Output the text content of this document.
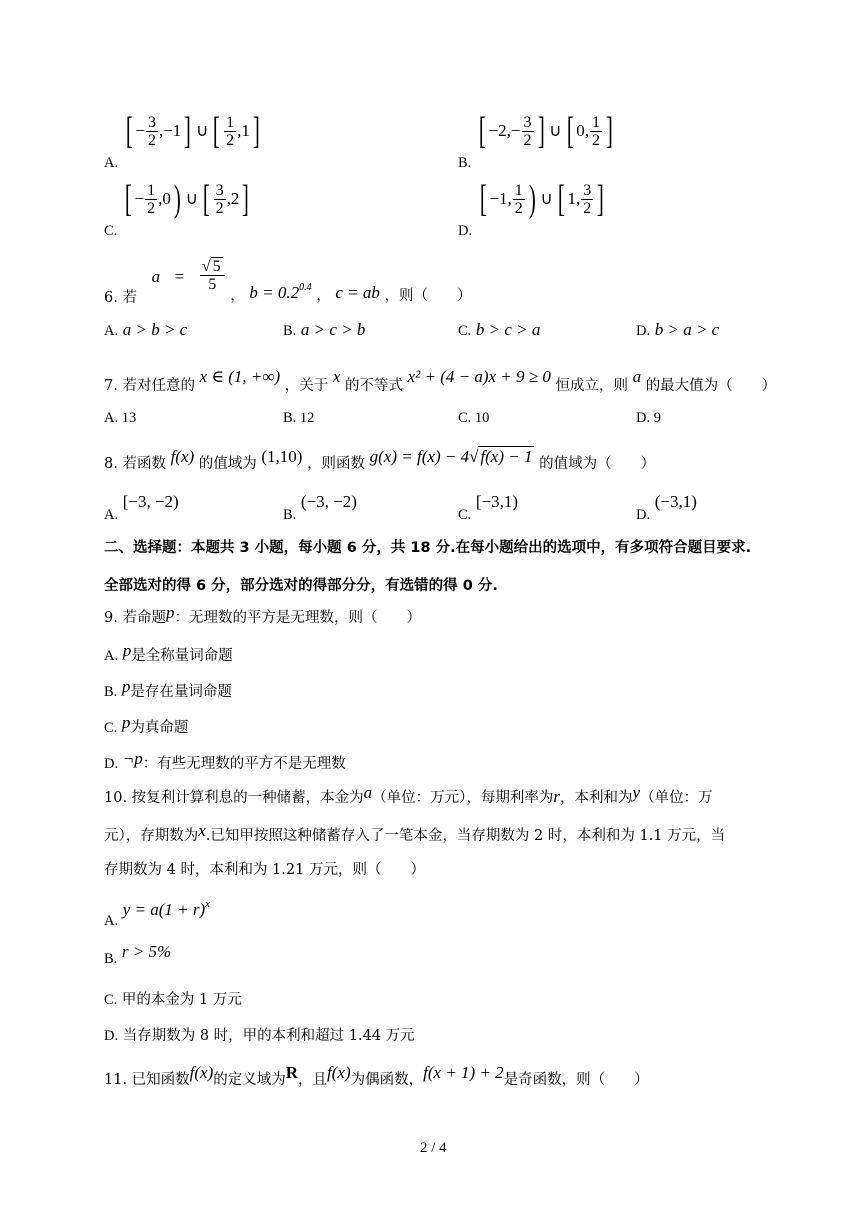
A.
[ − $\frac{3}{2} ,-1$ ] ∪ [ $\frac{1}{2} ,1$ ]
B.
[ $-2,- \frac{3}{2}$ ] ∪ [ 0, $\frac{1}{2}$ ]
C.
[ − $\frac{1}{2} ,0$ ) ∪ [ $\frac{3}{2} ,2$ ]
D.
[ −1, $\frac{1}{2}$ ) ∪ [ 1, $\frac{3}{2}$ ]
6. 若 $a = \frac{√ 5}{5}$
， $b = 0.2^{0.4}$ ， c = ab ，则（　　）
A. a > b > c	B. a > c > b	C. b > c > a	D. b > a > c
7. 若对任意的 x ∈ (1, +∞) ，关于 x 的不等式 x² + (4 − a)x + 9 ≥ 0 恒成立，则 a 的最大值为（　　）
A. 13	B. 12	C. 10	D. 9
8. 若函数 f(x) 的值域为 (1,10) ，则函数 g(x) = f(x) − 4√ f(x) − 1 的值域为（　　）
A. [−3, −2)
B. (−3, −2)
C. [−3,1)
D. (−3,1)
二、选择题：本题共 3 小题，每小题 6 分，共 18 分.在每小题给出的选项中，有多项符合题目要求.
全部选对的得 6 分，部分选对的得部分分，有选错的得 0 分.
9. 若命题p：无理数的平方是无理数，则（　　）
A. p是全称量词命题
B. p是存在量词命题
C. p为真命题
D. ¬p：有些无理数的平方不是无理数
10. 按复利计算利息的一种储蓄，本金为a（单位：万元），每期利率为r，本利和为y（单位：万
元），存期数为x.已知甲按照这种储蓄存入了一笔本金，当存期数为 2 时，本利和为 1.1 万元，当
存期数为 4 时，本利和为 1.21 万元，则（　　）
A. $y = a(1 + r)^x$
B. r > 5%
C. 甲的本金为 1 万元
D. 当存期数为 8 时，甲的本利和超过 1.44 万元
11. 已知函数f(x)的定义域为R，且f(x)为偶函数，f(x + 1) + 2是奇函数，则（　　）
2 / 4
